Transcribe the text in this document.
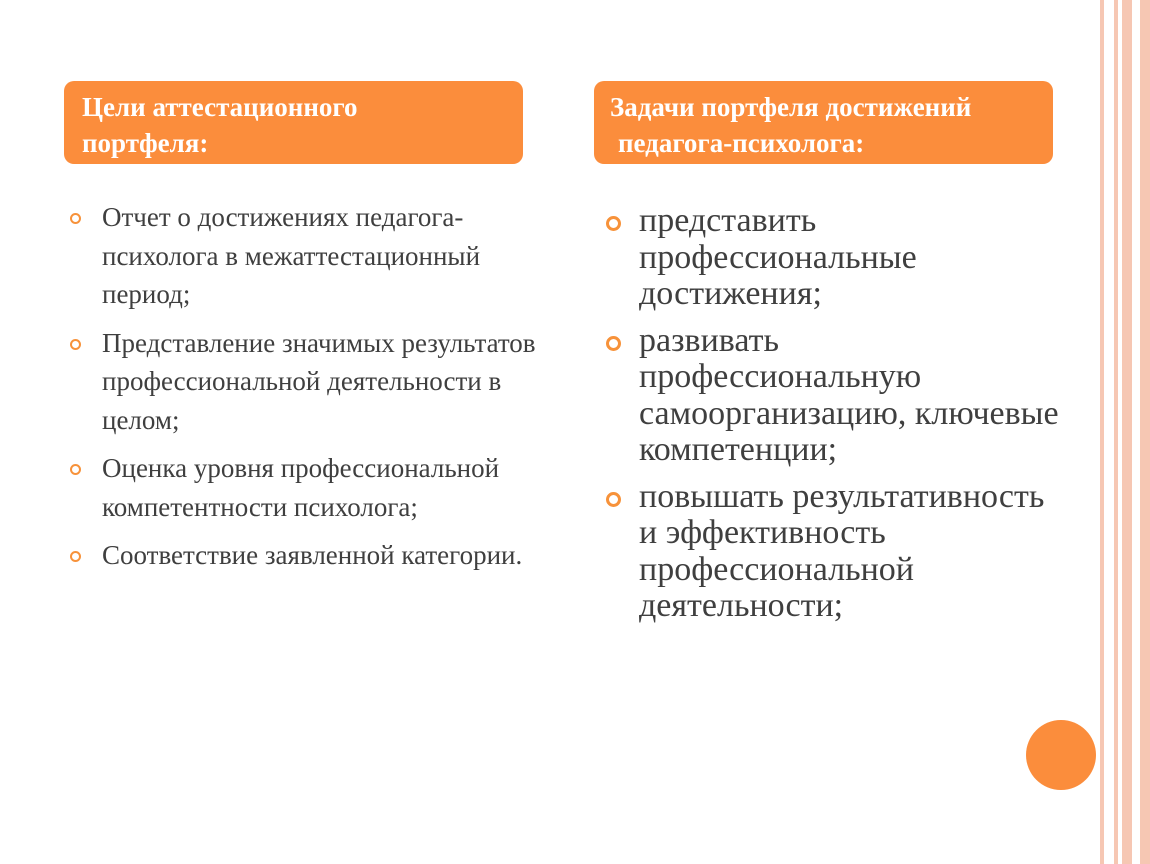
Цели аттестационного
портфеля:
Задачи портфеля достижений
педагога-психолога:
Отчет о достижениях педагога-психолога в межаттестационный период;
Представление значимых результатов профессиональной деятельности в целом;
Оценка уровня профессиональной компетентности психолога;
Соответствие заявленной категории.
представить профессиональные достижения;
развивать профессиональную самоорганизацию, ключевые компетенции;
повышать результативность и эффективность профессиональной деятельности;
